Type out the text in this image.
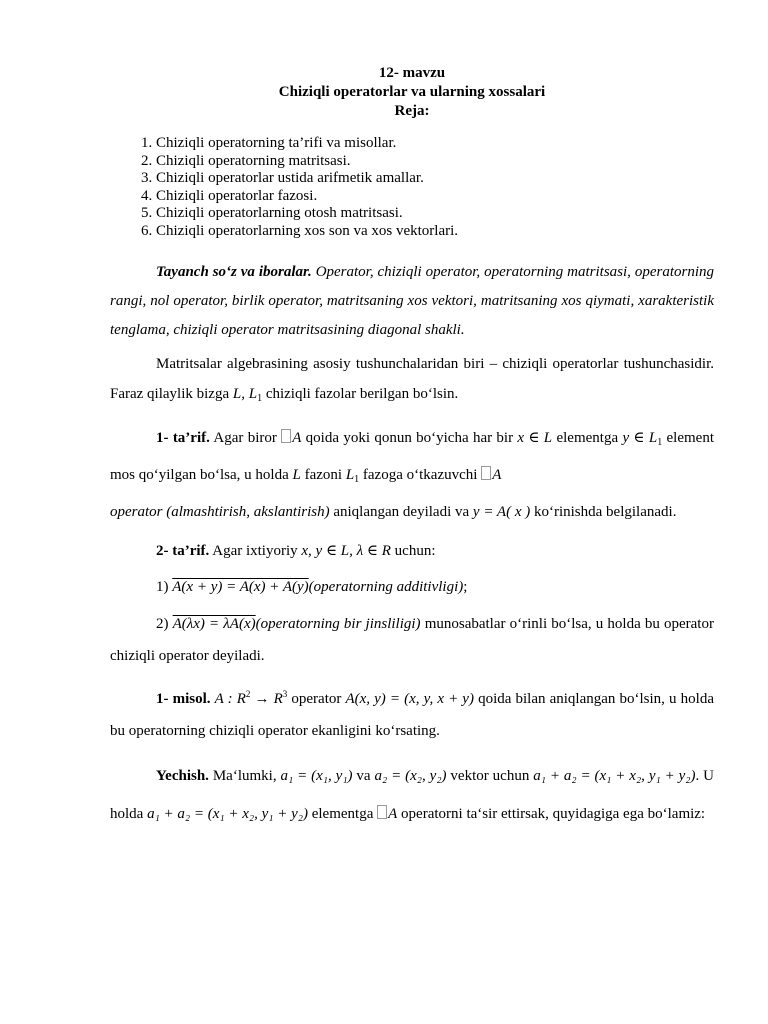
12- mavzu
Chiziqli operatorlar va ularning xossalari
Reja:
1. Chiziqli operatorning ta’rifi va misollar.
2. Chiziqli operatorning matritsasi.
3. Chiziqli operatorlar ustida arifmetik amallar.
4. Chiziqli operatorlar fazosi.
5. Chiziqli operatorlarning otosh matritsasi.
6. Chiziqli operatorlarning xos son va xos vektorlari.

Tayanch so‘z va iboralar. Operator, chiziqli operator, operatorning matritsasi, operatorning rangi, nol operator, birlik operator, matritsaning xos vektori, matritsaning xos qiymati, xarakteristik tenglama, chiziqli operator matritsasining diagonal shakli.

Matritsalar algebrasining asosiy tushunchalaridan biri – chiziqli operatorlar tushunchasidir. Faraz qilaylik bizga L, $L_1$ chiziqli fazolar berilgan bo‘lsin.

1- ta’rif. Agar biror A qoida yoki qonun bo‘yicha har bir x ∈ L elementga y ∈ $L_1$ element mos qo‘yilgan bo‘lsa, u holda L fazoni $L_1$ fazoga o‘tkazuvchi A
operator (almashtirish, akslantirish) aniqlangan deyiladi va y = A( x ) ko‘rinishda belgilanadi.

2- ta’rif. Agar ixtiyoriy x, y ∈ L, λ ∈ R uchun:

1) A(x + y) = A(x) + A(y)(operatorning additivligi);

2) A(λx) = λA(x)(operatorning bir jinsliligi) munosabatlar o‘rinli bo‘lsa, u holda bu operator chiziqli operator deyiladi.

1- misol. A : $R^2 \to R^3$ operator A(x, y) = (x, y, x + y) qoida bilan aniqlangan bo‘lsin, u holda bu operatorning chiziqli operator ekanligini ko‘rsating.

Yechish. Ma‘lumki, a₁ = (x₁, y₁) va a₂ = (x₂, y₂) vektor uchun a₁ + a₂ = (x₁ + x₂, y₁ + y₂). U holda a₁ + a₂ = (x₁ + x₂, y₁ + y₂) elementga A operatorni ta‘sir ettirsak, quyidagiga ega bo‘lamiz:
